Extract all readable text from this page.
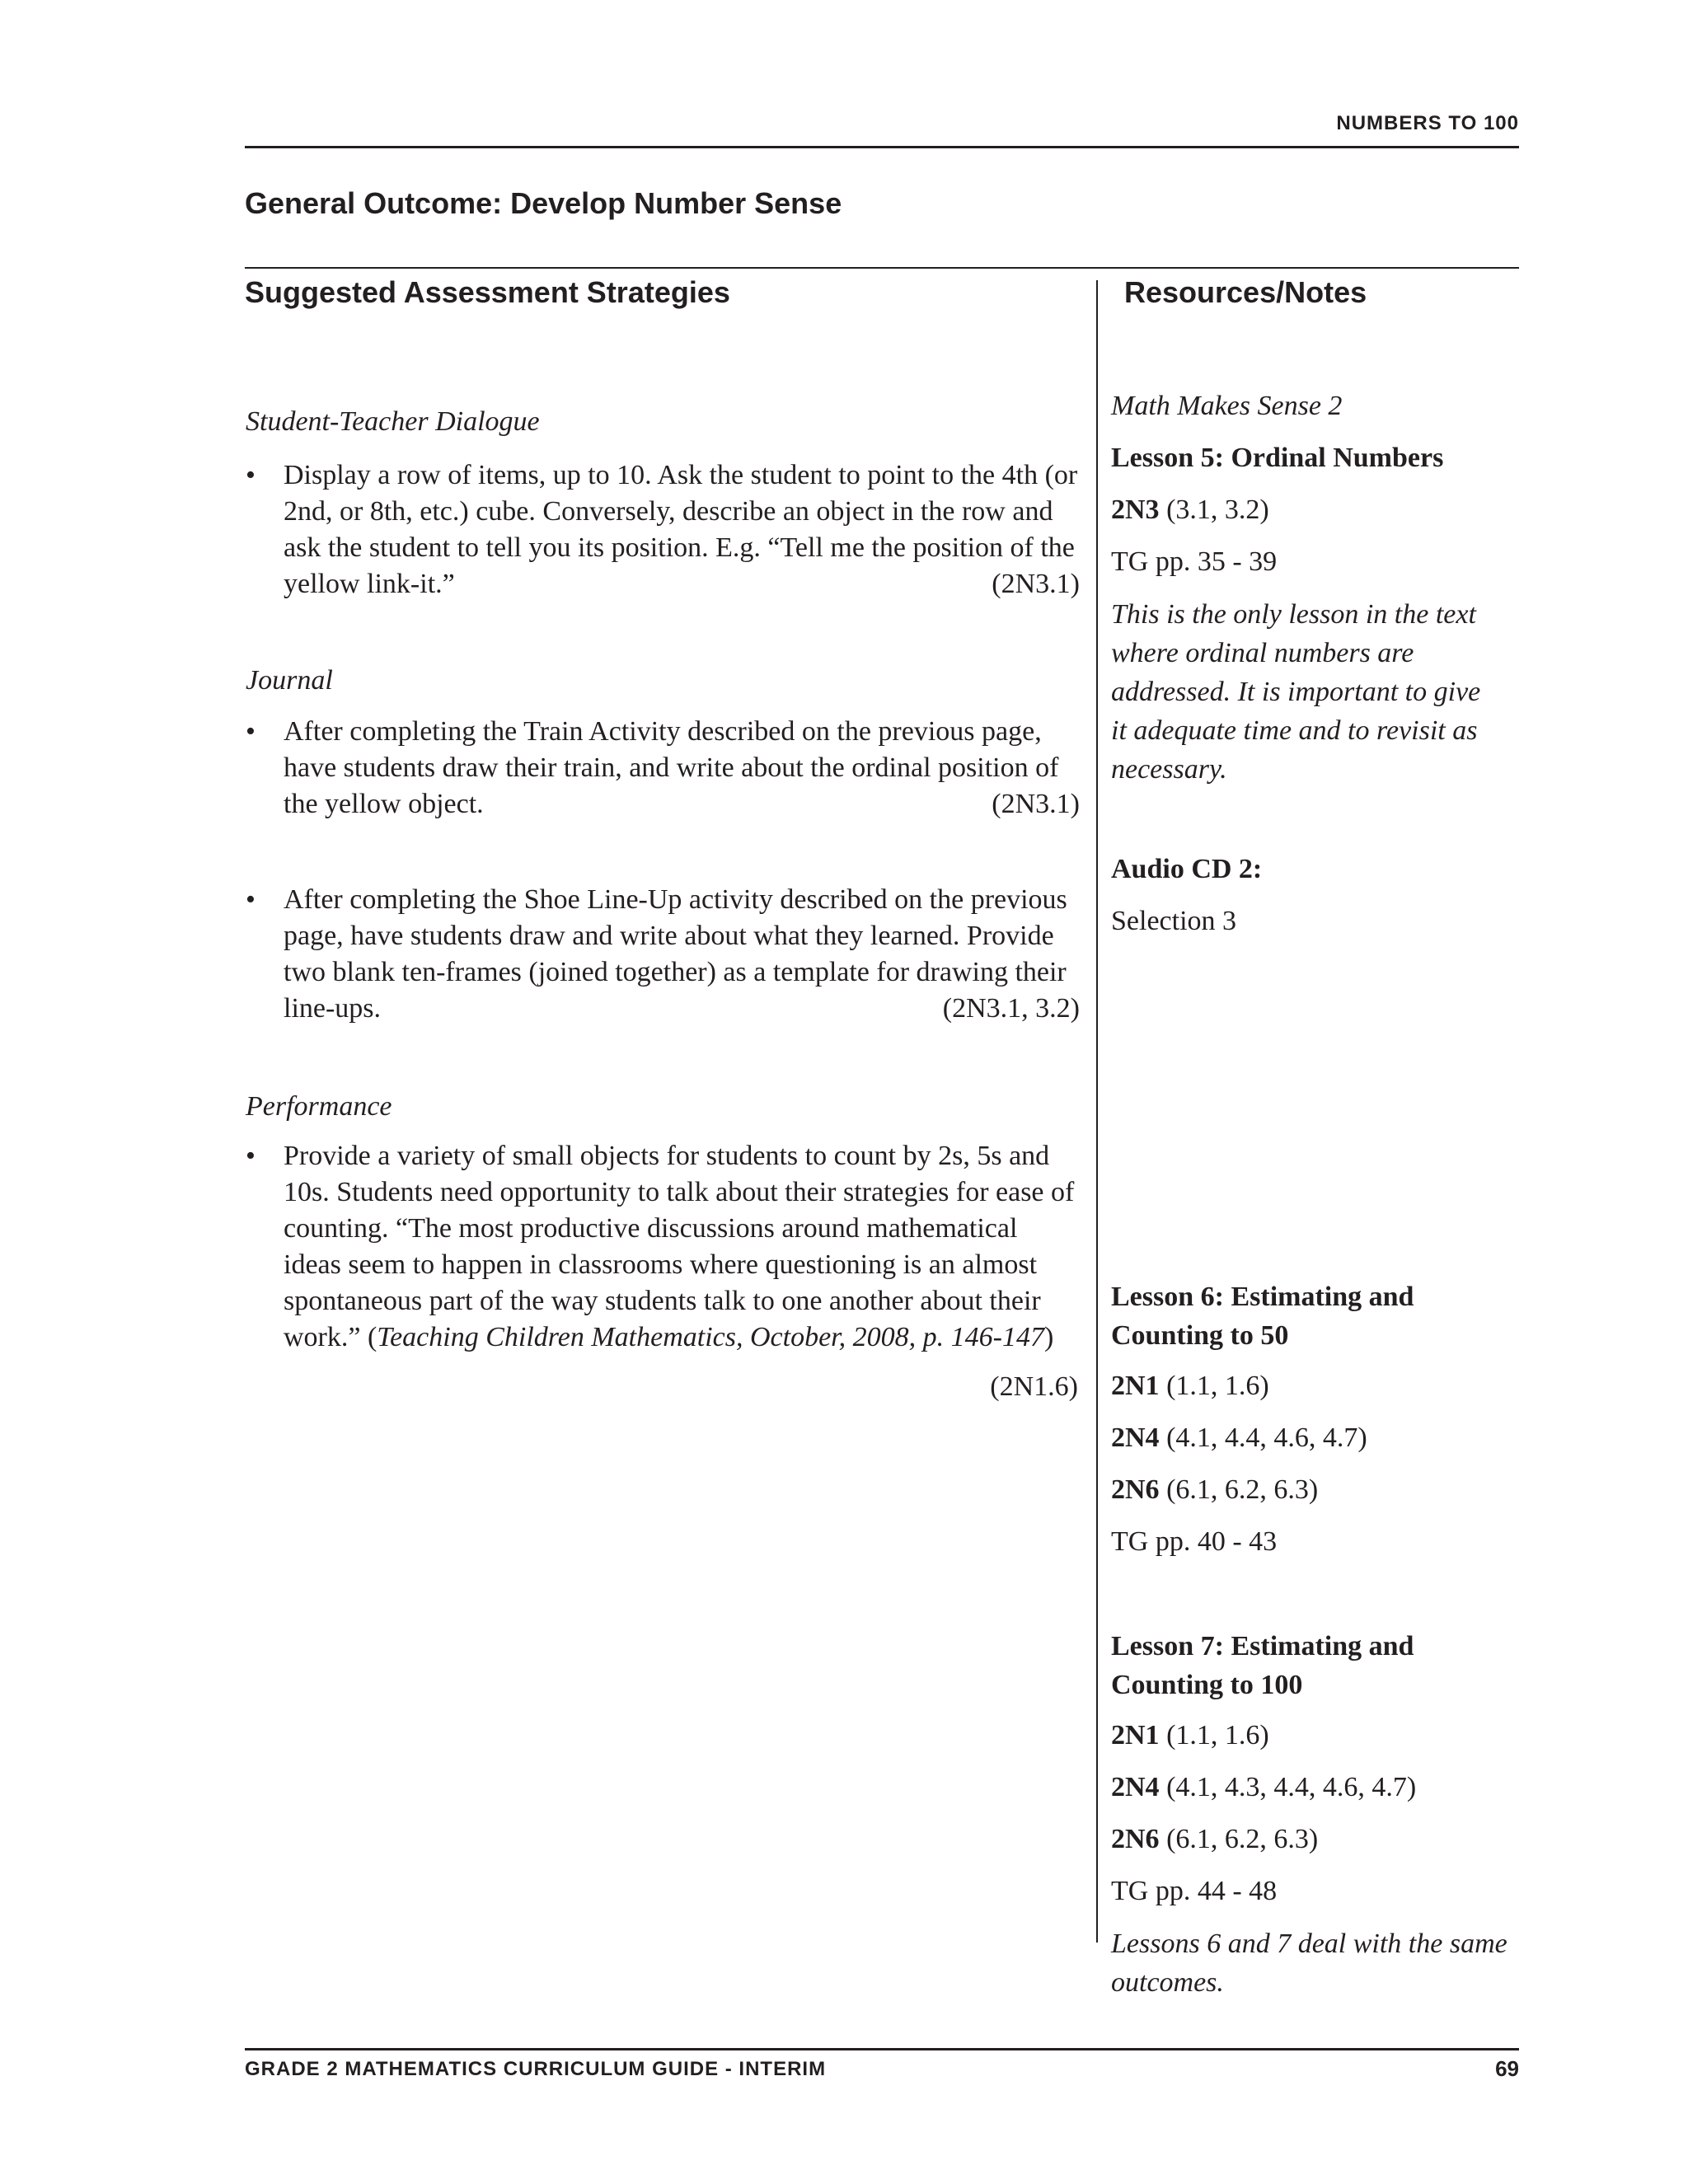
NUMBERS TO 100
General Outcome: Develop Number Sense
Suggested Assessment Strategies	Resources/Notes
Student-Teacher Dialogue
•	Display a row of items, up to 10. Ask the student to point to the 4th (or 2nd, or 8th, etc.) cube. Conversely, describe an object in the row and ask the student to tell you its position. E.g. “Tell me the position of the yellow link-it.”	(2N3.1)
Journal
•	After completing the Train Activity described on the previous page, have students draw their train, and write about the ordinal position of the yellow object.	(2N3.1)
•	After completing the Shoe Line-Up activity described on the previous page, have students draw and write about what they learned. Provide two blank ten-frames (joined together) as a template for drawing their line-ups.	(2N3.1, 3.2)
Performance
•	Provide a variety of small objects for students to count by 2s, 5s and 10s. Students need opportunity to talk about their strategies for ease of counting. “The most productive discussions around mathematical ideas seem to happen in classrooms where questioning is an almost spontaneous part of the way students talk to one another about their work.” (Teaching Children Mathematics, October, 2008, p. 146-147)
(2N1.6)
Math Makes Sense 2
Lesson 5: Ordinal Numbers
2N3 (3.1, 3.2)
TG pp. 35 - 39
This is the only lesson in the text where ordinal numbers are addressed. It is important to give it adequate time and to revisit as necessary.
Audio CD 2:
Selection 3
Lesson 6: Estimating and Counting to 50
2N1 (1.1, 1.6)
2N4 (4.1, 4.4, 4.6, 4.7)
2N6 (6.1, 6.2, 6.3)
TG pp. 40 - 43
Lesson 7: Estimating and Counting to 100
2N1 (1.1, 1.6)
2N4 (4.1, 4.3, 4.4, 4.6, 4.7)
2N6 (6.1, 6.2, 6.3)
TG pp. 44 - 48
Lessons 6 and 7 deal with the same outcomes.
GRADE 2 MATHEMATICS CURRICULUM GUIDE - INTERIM	69
